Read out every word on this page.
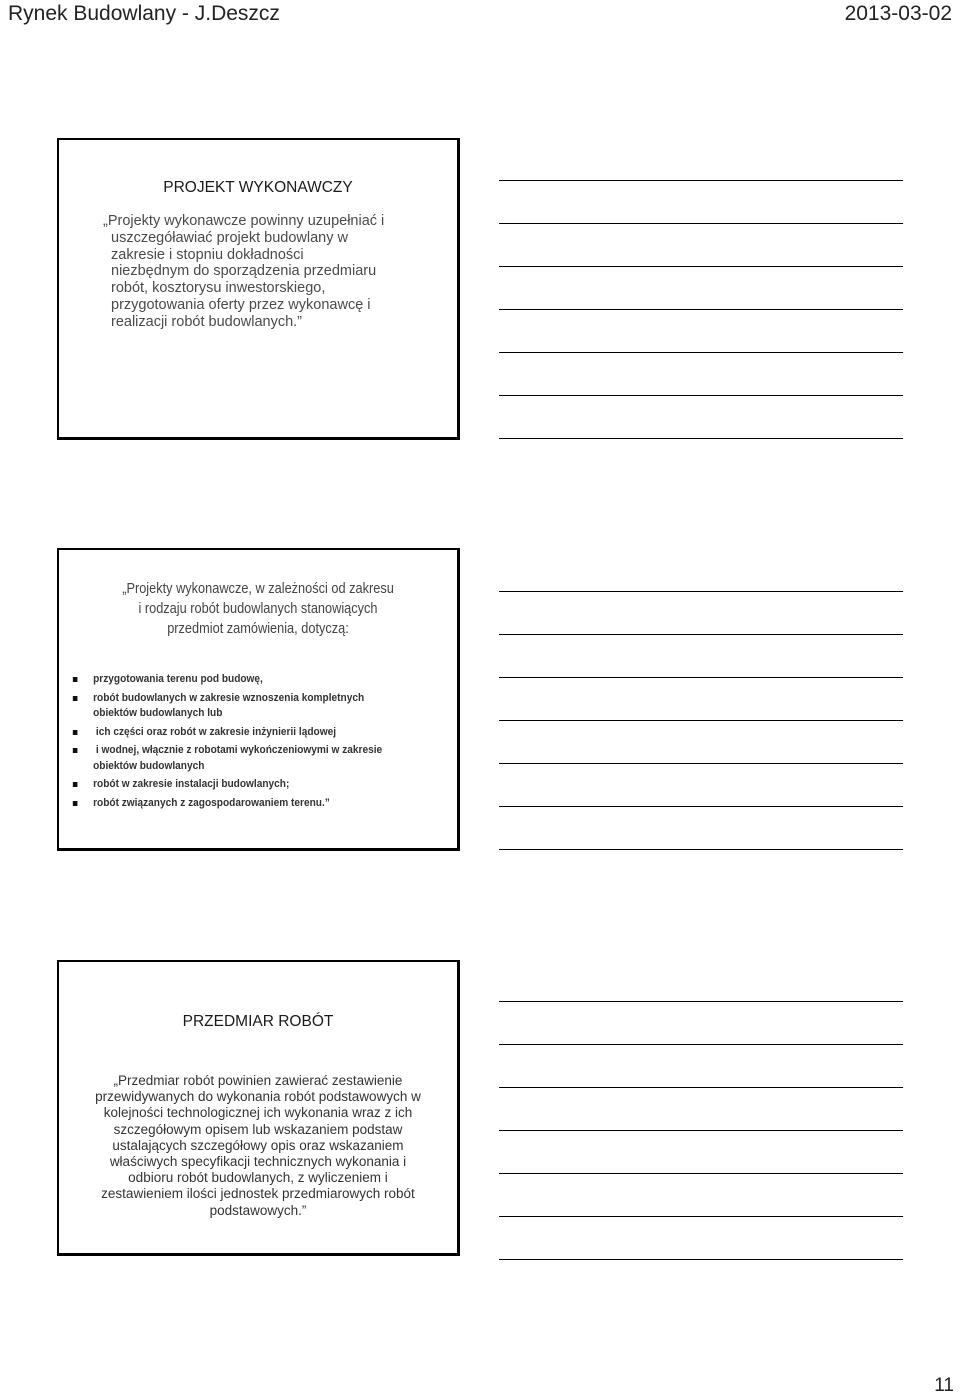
Rynek Budowlany - J.Deszcz	2013-03-02
PROJEKT WYKONAWCZY
„Projekty wykonawcze powinny uzupełniać i
uszczegóławiać projekt budowlany w
zakresie i stopniu dokładności
niezbędnym do sporządzenia przedmiaru
robót, kosztorysu inwestorskiego,
przygotowania oferty przez wykonawcę i
realizacji robót budowlanych.”
„Projekty wykonawcze, w zależności od zakresu
i rodzaju robót budowlanych stanowiących
przedmiot zamówienia, dotyczą:
przygotowania terenu pod budowę,
robót budowlanych w zakresie wznoszenia kompletnych
obiektów budowlanych lub
ich części oraz robót w zakresie inżynierii lądowej
i wodnej, włącznie z robotami wykończeniowymi w zakresie
obiektów budowlanych
robót w zakresie instalacji budowlanych;
robót związanych z zagospodarowaniem terenu.”
PRZEDMIAR ROBÓT
„Przedmiar robót powinien zawierać zestawienie
przewidywanych do wykonania robót podstawowych w
kolejności technologicznej ich wykonania wraz z ich
szczegółowym opisem lub wskazaniem podstaw
ustalających szczegółowy opis oraz wskazaniem
właściwych specyfikacji technicznych wykonania i
odbioru robót budowlanych, z wyliczeniem i
zestawieniem ilości jednostek przedmiarowych robót
podstawowych.”
11
